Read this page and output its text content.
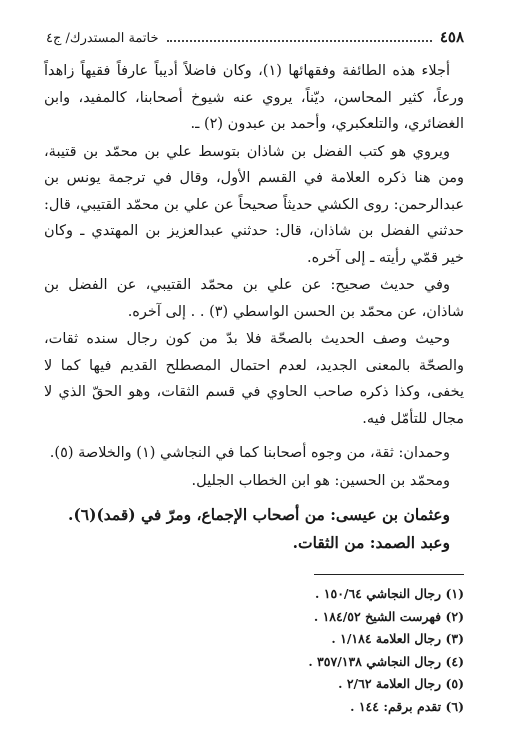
٤٥٨
خاتمة المستدرك/ ج٤

أجلاء هذه الطائفة وفقهائها (١)، وكان فاضلاً أديباً عارفاً فقيهاً زاهداً ورعاً، كثير المحاسن، ديّناً، يروي عنه شيوخ أصحابنا، كالمفيد، وابن الغضائري، والتلعكبري، وأحمد بن عبدون (٢) ـ.

ويروي هو كتب الفضل بن شاذان بتوسط علي بن محمّد بن قتيبة، ومن هنا ذكره العلامة في القسم الأول، وقال في ترجمة يونس بن عبدالرحمن: روى الكشي حديثاً صحيحاً عن علي بن محمّد القتيبي، قال: حدثني الفضل بن شاذان، قال: حدثني عبدالعزيز بن المهتدي ـ وكان خير قمّي رأيته ـ إلى آخره.

وفي حديث صحيح: عن علي بن محمّد القتيبي، عن الفضل بن شاذان، عن محمّد بن الحسن الواسطي (٣) . . إلى آخره.

وحيث وصف الحديث بالصحّة فلا بدّ من كون رجال سنده ثقات، والصحّة بالمعنى الجديد، لعدم احتمال المصطلح القديم فيها كما لا يخفى، وكذا ذكره صاحب الحاوي في قسم الثقات، وهو الحقّ الذي لا مجال للتأمّل فيه.

وحمدان: ثقة، من وجوه أصحابنا كما في النجاشي (١) والخلاصة (٥).

ومحمّد بن الحسين: هو ابن الخطاب الجليل.

وعثمان بن عيسى: من أصحاب الإجماع، ومرّ في (قمد)(٦).

وعبد الصمد: من الثقات.

(١) رجال النجاشي ١٥٠/٦٤ .
(٢) فهرست الشيخ ١٨٤/٥٢ .
(٣) رجال العلامة ١/١٨٤ .
(٤) رجال النجاشي ٣٥٧/١٣٨ .
(٥) رجال العلامة ٢/٦٢ .
(٦) تقدم برقم: ١٤٤ .
